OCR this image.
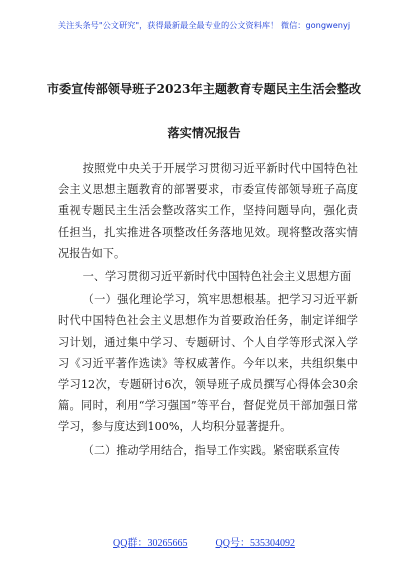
关注头条号"公文研究"，获得最新最全最专业的公文资料库！ 微信：gongwenyj
市委宣传部领导班子2023年主题教育专题民主生活会整改
落实情况报告

按照党中央关于开展学习贯彻习近平新时代中国特色社会主义思想主题教育的部署要求，市委宣传部领导班子高度重视专题民主生活会整改落实工作，坚持问题导向，强化责任担当，扎实推进各项整改任务落地见效。现将整改落实情况报告如下。

一、学习贯彻习近平新时代中国特色社会主义思想方面

（一）强化理论学习，筑牢思想根基。把学习习近平新时代中国特色社会主义思想作为首要政治任务，制定详细学习计划，通过集中学习、专题研讨、个人自学等形式深入学习《习近平著作选读》等权威著作。今年以来，共组织集中学习12次，专题研讨6次，领导班子成员撰写心得体会30余篇。同时，利用“学习强国”等平台，督促党员干部加强日常学习，参与度达到100%，人均积分显著提升。

（二）推动学用结合，指导工作实践。紧密联系宣传

QQ群：30265665	QQ号：535304092
